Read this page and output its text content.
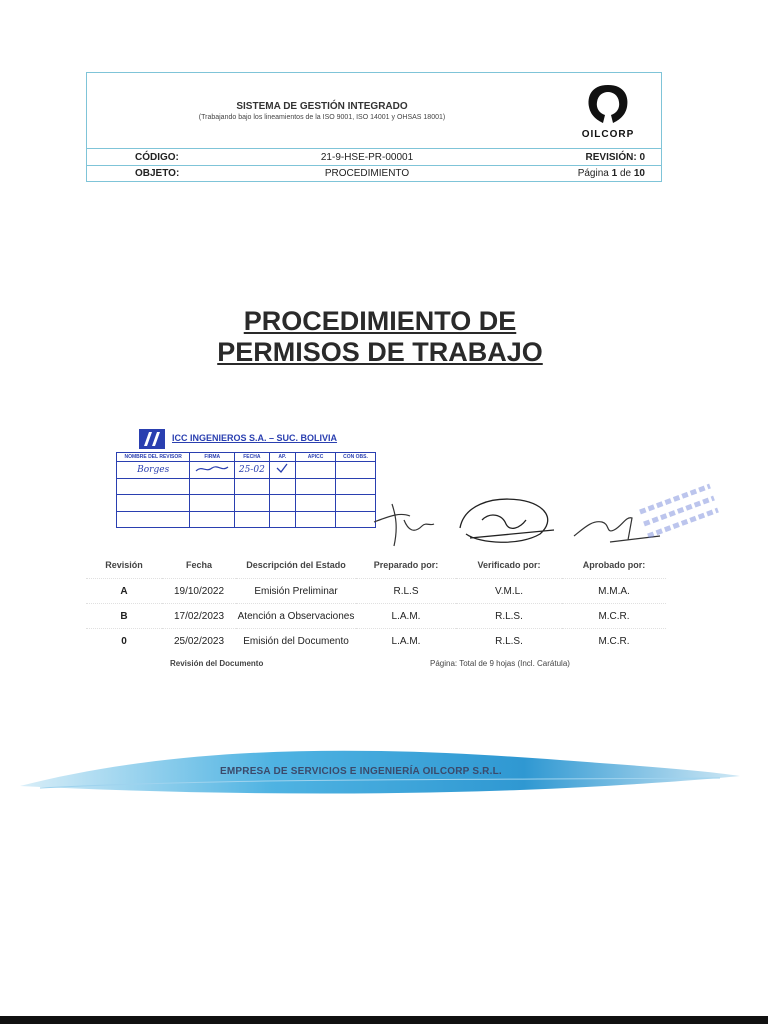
SISTEMA DE GESTIÓN INTEGRADO
(Trabajando bajo los lineamientos de la ISO 9001, ISO 14001 y OHSAS 18001)
OILCORP
CÓDIGO:	21-9-HSE-PR-00001	REVISIÓN: 0
OBJETO:	PROCEDIMIENTO	Página 1 de 10
PROCEDIMIENTO DE
PERMISOS DE TRABAJO
ICC INGENIEROS S.A. – SUC. BOLIVIA
NOMBRE DEL REVISOR	FIRMA	FECHA	AP.	APICC	CON OBS.
Borges		25-02			

Revisión	Fecha	Descripción del Estado	Preparado por:	Verificado por:	Aprobado por:
A	19/10/2022	Emisión Preliminar	R.L.S	V.M.L.	M.M.A.
B	17/02/2023	Atención a Observaciones	L.A.M.	R.L.S.	M.C.R.
0	25/02/2023	Emisión del Documento	L.A.M.	R.L.S.	M.C.R.
Revisión del Documento	Página: Total de 9 hojas (Incl. Carátula)
EMPRESA DE SERVICIOS E INGENIERÍA OILCORP S.R.L.
